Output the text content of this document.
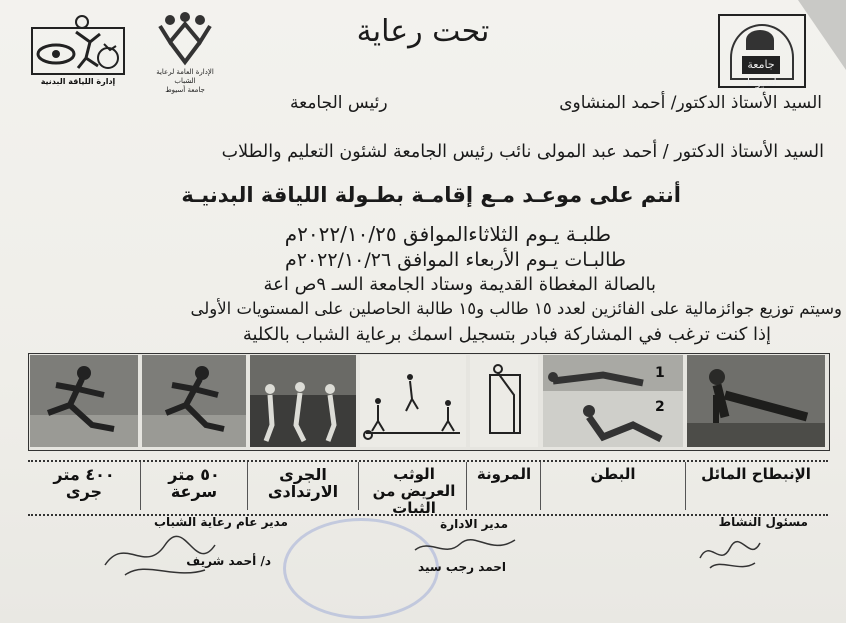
جامعة أسيوط
إدارة اللياقة البدنية
الإدارة العامة لرعاية الشباب
جامعة أسيوط
تحت رعاية
السيد الأستاذ الدكتور/ أحمد المنشاوى
رئيس الجامعة
السيد الأستاذ الدكتور / أحمد عبد المولى نائب رئيس الجامعة لشئون التعليم والطلاب
أنتم على موعـد مـع إقامـة بطـولة اللياقة البدنيـة
طلبـة يـوم الثلاثاءالموافق ٢٠٢٢/١٠/٢٥م
طالبـات يـوم الأربعاء الموافق ٢٠٢٢/١٠/٢٦م
بالصالة المغطاة القديمة وستاد الجامعة السـ ٩ص اعة
وسيتم توزيع جوائزمالية على الفائزين لعدد ١٥ طالب و١٥ طالبة الحاصلين على المستويات الأولى
إذا كنت ترغب في المشاركة فبادر بتسجيل اسمك برعاية الشباب بالكلية
1
2
الإنبطاح المائل
البطن
المرونة
الوثب العريض من الثبات
الجرى الارتدادى
٥٠ متر سرعة
٤٠٠ متر جرى
مسئول النشاط
مدير الادارة
احمد رجب سيد
مدير عام رعاية الشباب
د/ أحمد شريف
